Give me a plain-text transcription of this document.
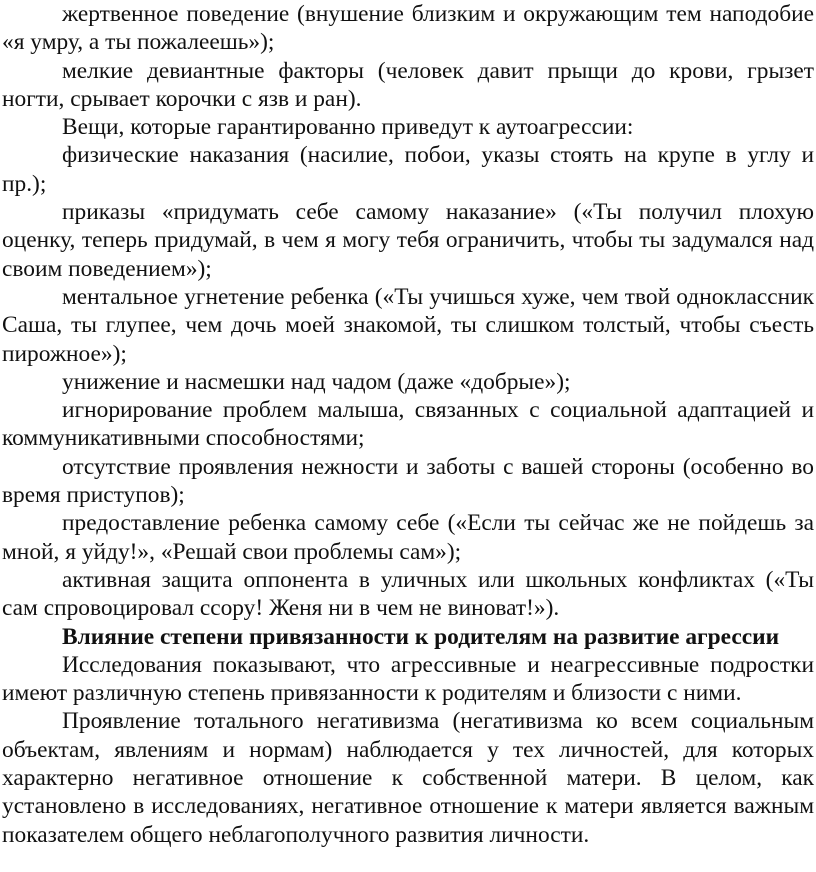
жертвенное поведение (внушение близким и окружающим тем наподобие «я умру, а ты пожалеешь»);

мелкие девиантные факторы (человек давит прыщи до крови, грызет ногти, срывает корочки с язв и ран).

Вещи, которые гарантированно приведут к аутоагрессии:

физические наказания (насилие, побои, указы стоять на крупе в углу и пр.);

приказы «придумать себе самому наказание» («Ты получил плохую оценку, теперь придумай, в чем я могу тебя ограничить, чтобы ты задумался над своим поведением»);

ментальное угнетение ребенка («Ты учишься хуже, чем твой одноклассник Саша, ты глупее, чем дочь моей знакомой, ты слишком толстый, чтобы съесть пирожное»);

унижение и насмешки над чадом (даже «добрые»);

игнорирование проблем малыша, связанных с социальной адаптацией и коммуникативными способностями;

отсутствие проявления нежности и заботы с вашей стороны (особенно во время приступов);

предоставление ребенка самому себе («Если ты сейчас же не пойдешь за мной, я уйду!», «Решай свои проблемы сам»);

активная защита оппонента в уличных или школьных конфликтах («Ты сам спровоцировал ссору! Женя ни в чем не виноват!»).

Влияние степени привязанности к родителям на развитие агрессии

Исследования показывают, что агрессивные и неагрессивные подростки имеют различную степень привязанности к родителям и близости с ними.

Проявление тотального негативизма (негативизма ко всем социальным объектам, явлениям и нормам) наблюдается у тех личностей, для которых характерно негативное отношение к собственной матери. В целом, как установлено в исследованиях, негативное отношение к матери является важным показателем общего неблагополучного развития личности.
